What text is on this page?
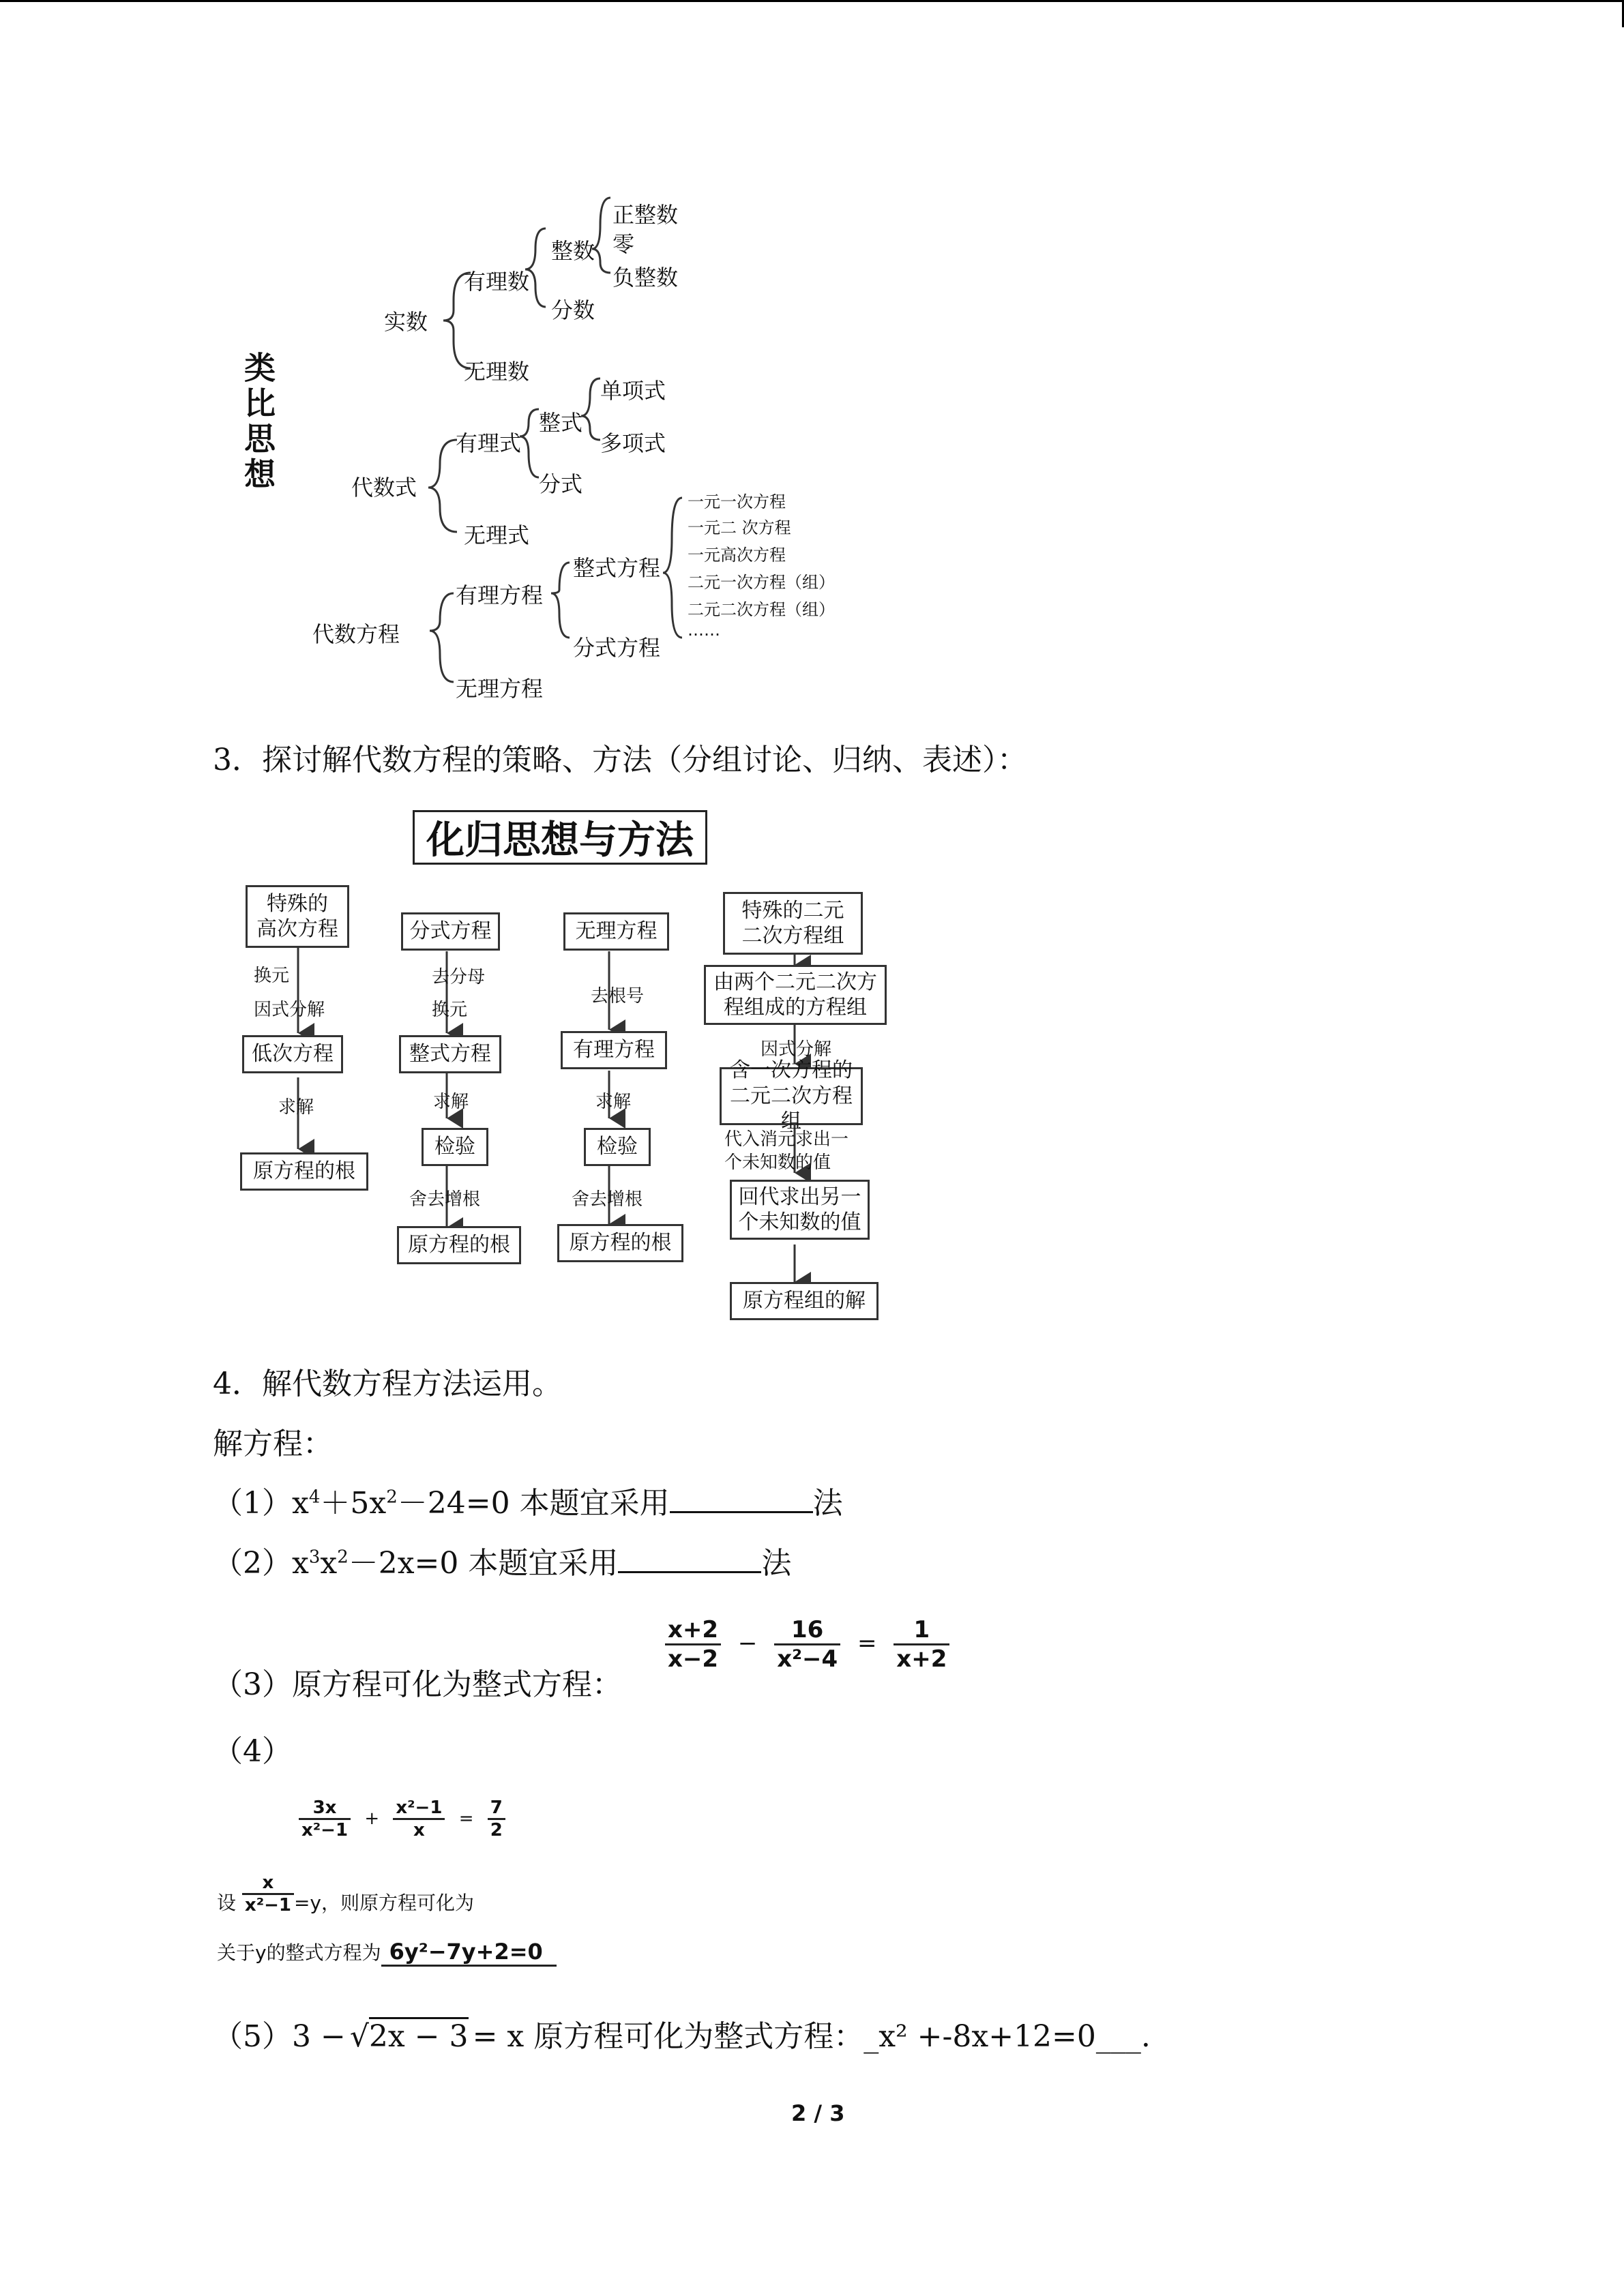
类比思想
实数
有理数
无理数
整数
分数
正整数
零
负整数
代数式
有理式
无理式
整式
分式
单项式
多项式
代数方程
有理方程
无理方程
整式方程
分式方程
一元一次方程
一元二 次方程
一元高次方程
二元一次方程（组）
二元二次方程（组）
……
3．探讨解代数方程的策略、方法（分组讨论、归纳、表述）：
化归思想与方法
特殊的
高次方程
换元
因式分解
低次方程
求解
原方程的根
分式方程
去分母
换元
整式方程
求解
检验
舍去增根
原方程的根
无理方程
去根号
有理方程
求解
检验
舍去增根
原方程的根
特殊的二元
二次方程组
由两个二元二次方
程组成的方程组
因式分解
含一次方程的
二元二次方程组
代入消元求出一
个未知数的值
回代求出另一
个未知数的值
原方程组的解
4．解代数方程方法运用。
解方程：
$(1)x^4+5x^2-24=0$ 本题宜采用	法
$(2)x^3x^2-2x=0$ 本题宜采用	法
（3）原方程可化为整式方程：
$\frac{x+2}{x-2} - \frac{16}{\text{x²−4}} = \frac{1}{x+2}$
（4）
$\frac{3x}{\text{x²−1}} + \frac{\text{x²−1}}{x} = \frac{7}{2}$
设 $\frac{x}{\text{x²−1}} =y$，则原方程可化为
关于y的整式方程为 6y²−7y+2=0
（5）3 − √2x − 3 = x 原方程可化为整式方程：_x² +-8x+12=0___.
2 / 3
